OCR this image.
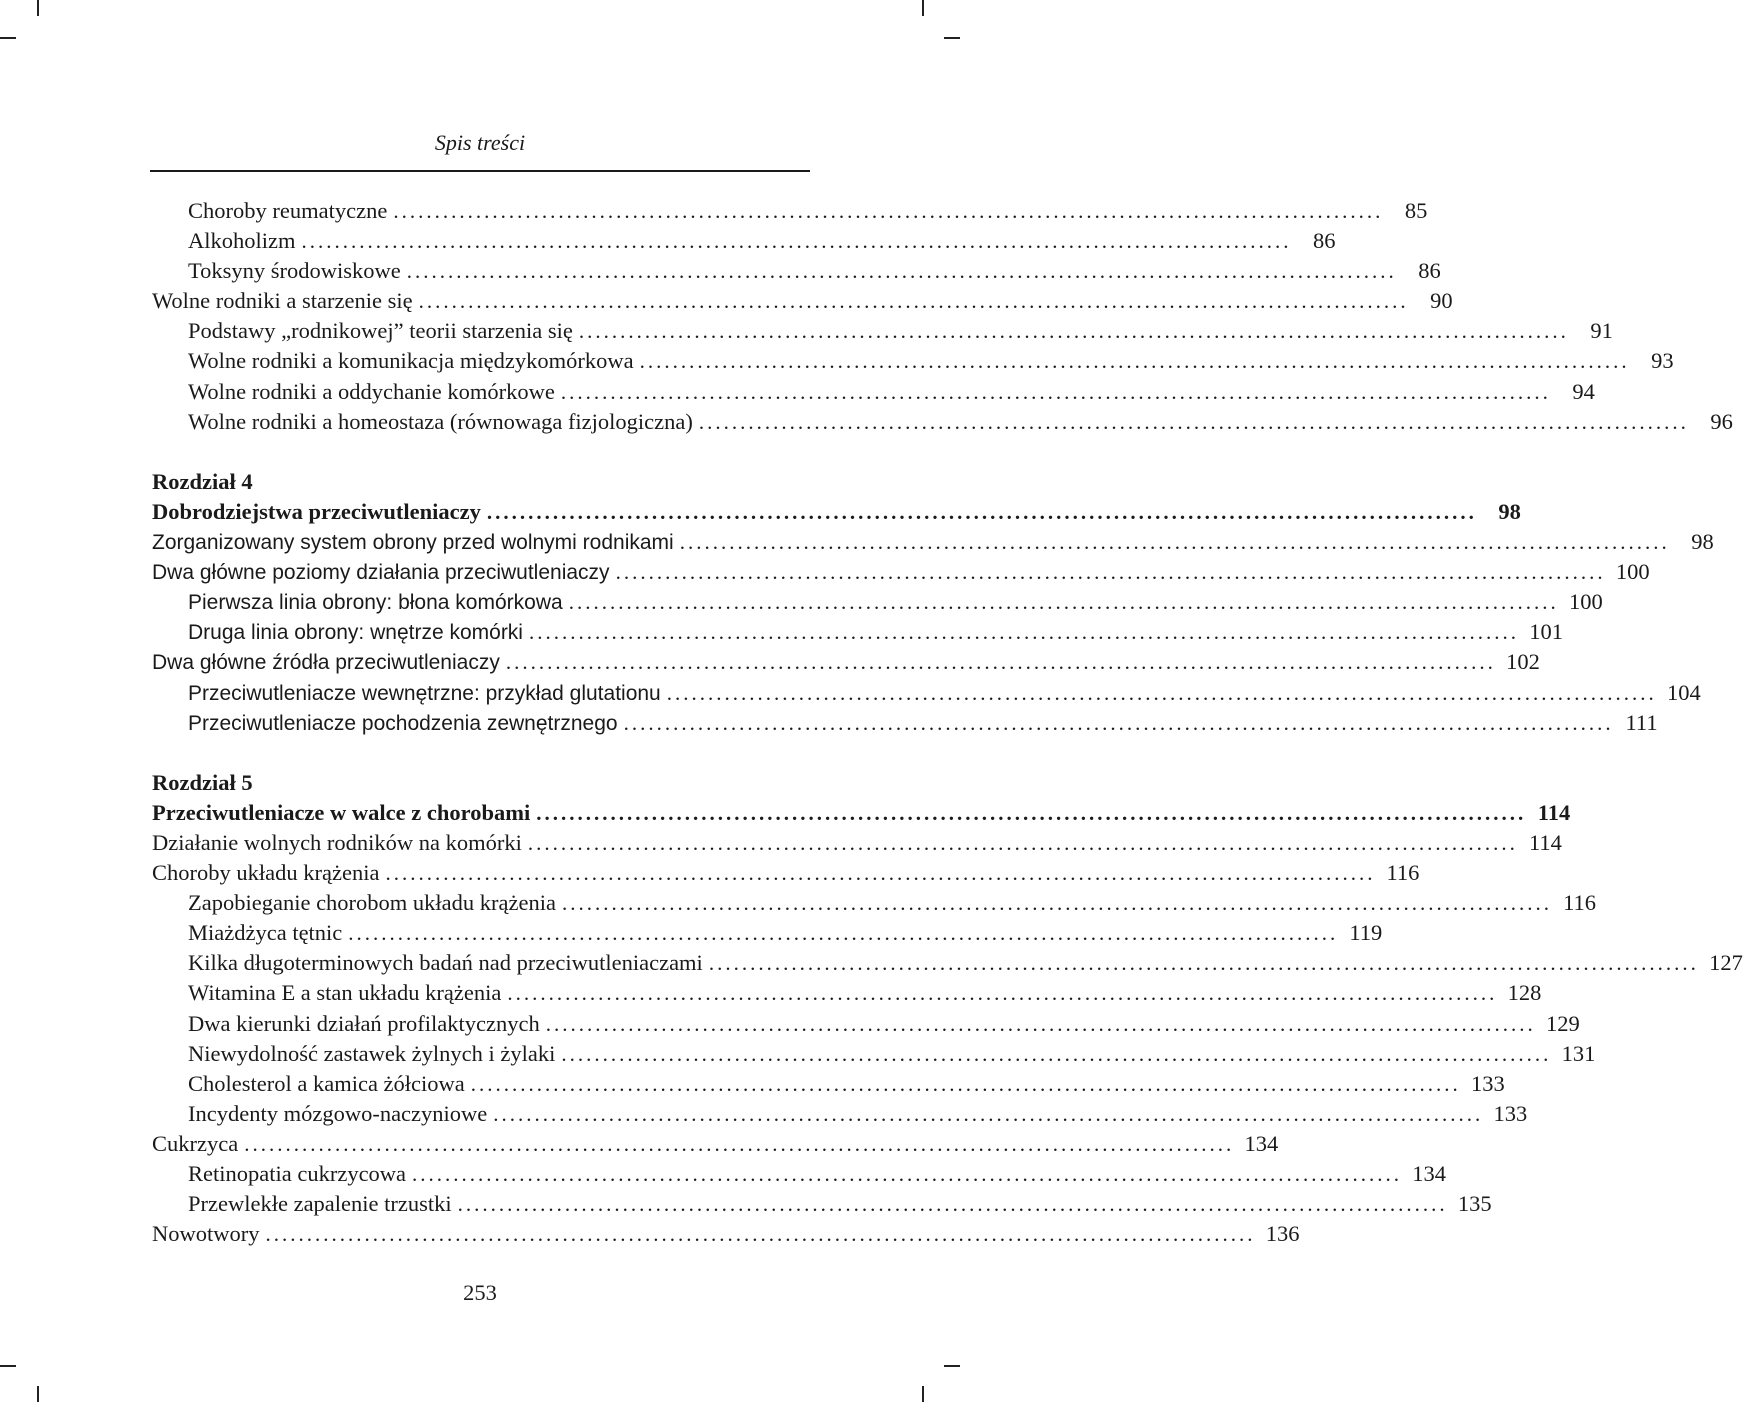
Spis treści
Choroby reumatyczne ........................................................................................................................ 85
Alkoholizm ........................................................................................................................ 86
Toksyny środowiskowe ........................................................................................................................ 86
Wolne rodniki a starzenie się ........................................................................................................................ 90
Podstawy „rodnikowej” teorii starzenia się ........................................................................................................................ 91
Wolne rodniki a komunikacja międzykomórkowa ........................................................................................................................ 93
Wolne rodniki a oddychanie komórkowe ........................................................................................................................ 94
Wolne rodniki a homeostaza (równowaga fizjologiczna) ........................................................................................................................ 96
Rozdział 4
Dobrodziejstwa przeciwutleniaczy ........................................................................................................................ 98
Zorganizowany system obrony przed wolnymi rodnikami ........................................................................................................................ 98
Dwa główne poziomy działania przeciwutleniaczy ........................................................................................................................ 100
Pierwsza linia obrony: błona komórkowa ........................................................................................................................ 100
Druga linia obrony: wnętrze komórki ........................................................................................................................ 101
Dwa główne źródła przeciwutleniaczy ........................................................................................................................ 102
Przeciwutleniacze wewnętrzne: przykład glutationu ........................................................................................................................ 104
Przeciwutleniacze pochodzenia zewnętrznego ........................................................................................................................ 111
Rozdział 5
Przeciwutleniacze w walce z chorobami ........................................................................................................................ 114
Działanie wolnych rodników na komórki ........................................................................................................................ 114
Choroby układu krążenia ........................................................................................................................ 116
Zapobieganie chorobom układu krążenia ........................................................................................................................ 116
Miażdżyca tętnic ........................................................................................................................ 119
Kilka długoterminowych badań nad przeciwutleniaczami ........................................................................................................................ 127
Witamina E a stan układu krążenia ........................................................................................................................ 128
Dwa kierunki działań profilaktycznych ........................................................................................................................ 129
Niewydolność zastawek żylnych i żylaki ........................................................................................................................ 131
Cholesterol a kamica żółciowa ........................................................................................................................ 133
Incydenty mózgowo-naczyniowe ........................................................................................................................ 133
Cukrzyca ........................................................................................................................ 134
Retinopatia cukrzycowa ........................................................................................................................ 134
Przewlekłe zapalenie trzustki ........................................................................................................................ 135
Nowotwory ........................................................................................................................ 136
253
